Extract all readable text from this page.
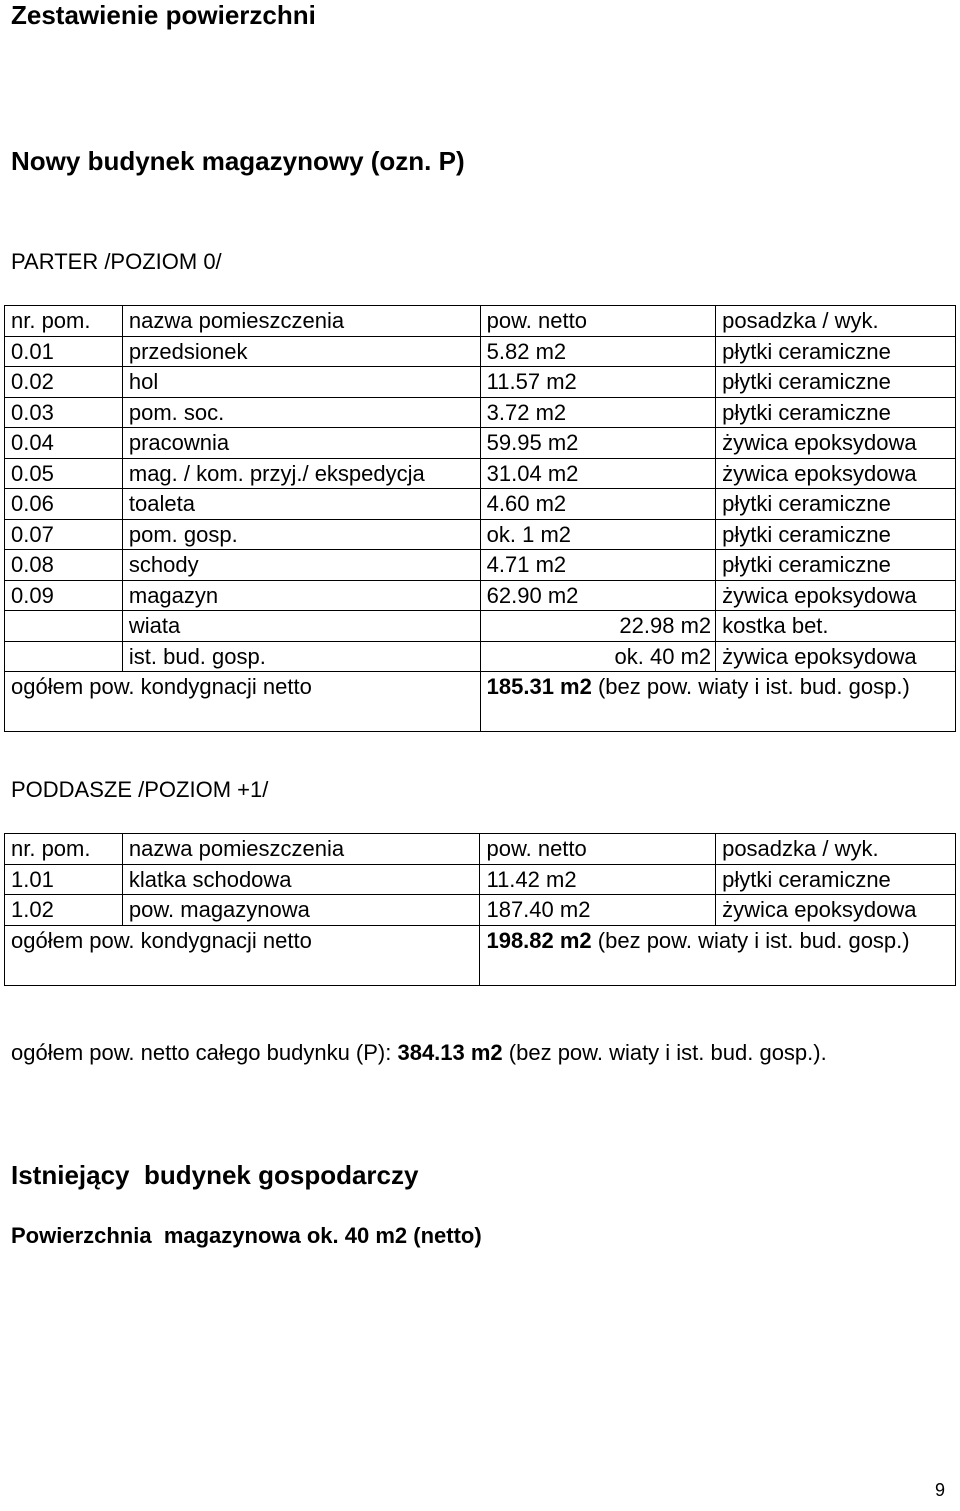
Zestawienie powierzchni
Nowy budynek magazynowy (ozn. P)
PARTER /POZIOM 0/
nr. pom.	nazwa pomieszczenia	pow. netto	posadzka / wyk.
0.01	przedsionek	5.82 m2	płytki ceramiczne
0.02	hol	11.57 m2	płytki ceramiczne
0.03	pom. soc.	3.72 m2	płytki ceramiczne
0.04	pracownia	59.95 m2	żywica epoksydowa
0.05	mag. / kom. przyj./ ekspedycja	31.04 m2	żywica epoksydowa
0.06	toaleta	4.60 m2	płytki ceramiczne
0.07	pom. gosp.	ok. 1 m2	płytki ceramiczne
0.08	schody	4.71 m2	płytki ceramiczne
0.09	magazyn	62.90 m2	żywica epoksydowa
	wiata	22.98 m2	kostka bet.
	ist. bud. gosp.	ok. 40 m2	żywica epoksydowa
ogółem pow. kondygnacji netto		185.31 m2 (bez pow. wiaty i ist. bud. gosp.)	
PODDASZE /POZIOM +1/
nr. pom.	nazwa pomieszczenia	pow. netto	posadzka / wyk.
1.01	klatka schodowa	11.42 m2	płytki ceramiczne
1.02	pow. magazynowa	187.40 m2	żywica epoksydowa
ogółem pow. kondygnacji netto		198.82 m2 (bez pow. wiaty i ist. bud. gosp.)	
ogółem pow. netto całego budynku (P): 384.13 m2 (bez pow. wiaty i ist. bud. gosp.).
Istniejący  budynek gospodarczy
Powierzchnia  magazynowa ok. 40 m2 (netto)
9
